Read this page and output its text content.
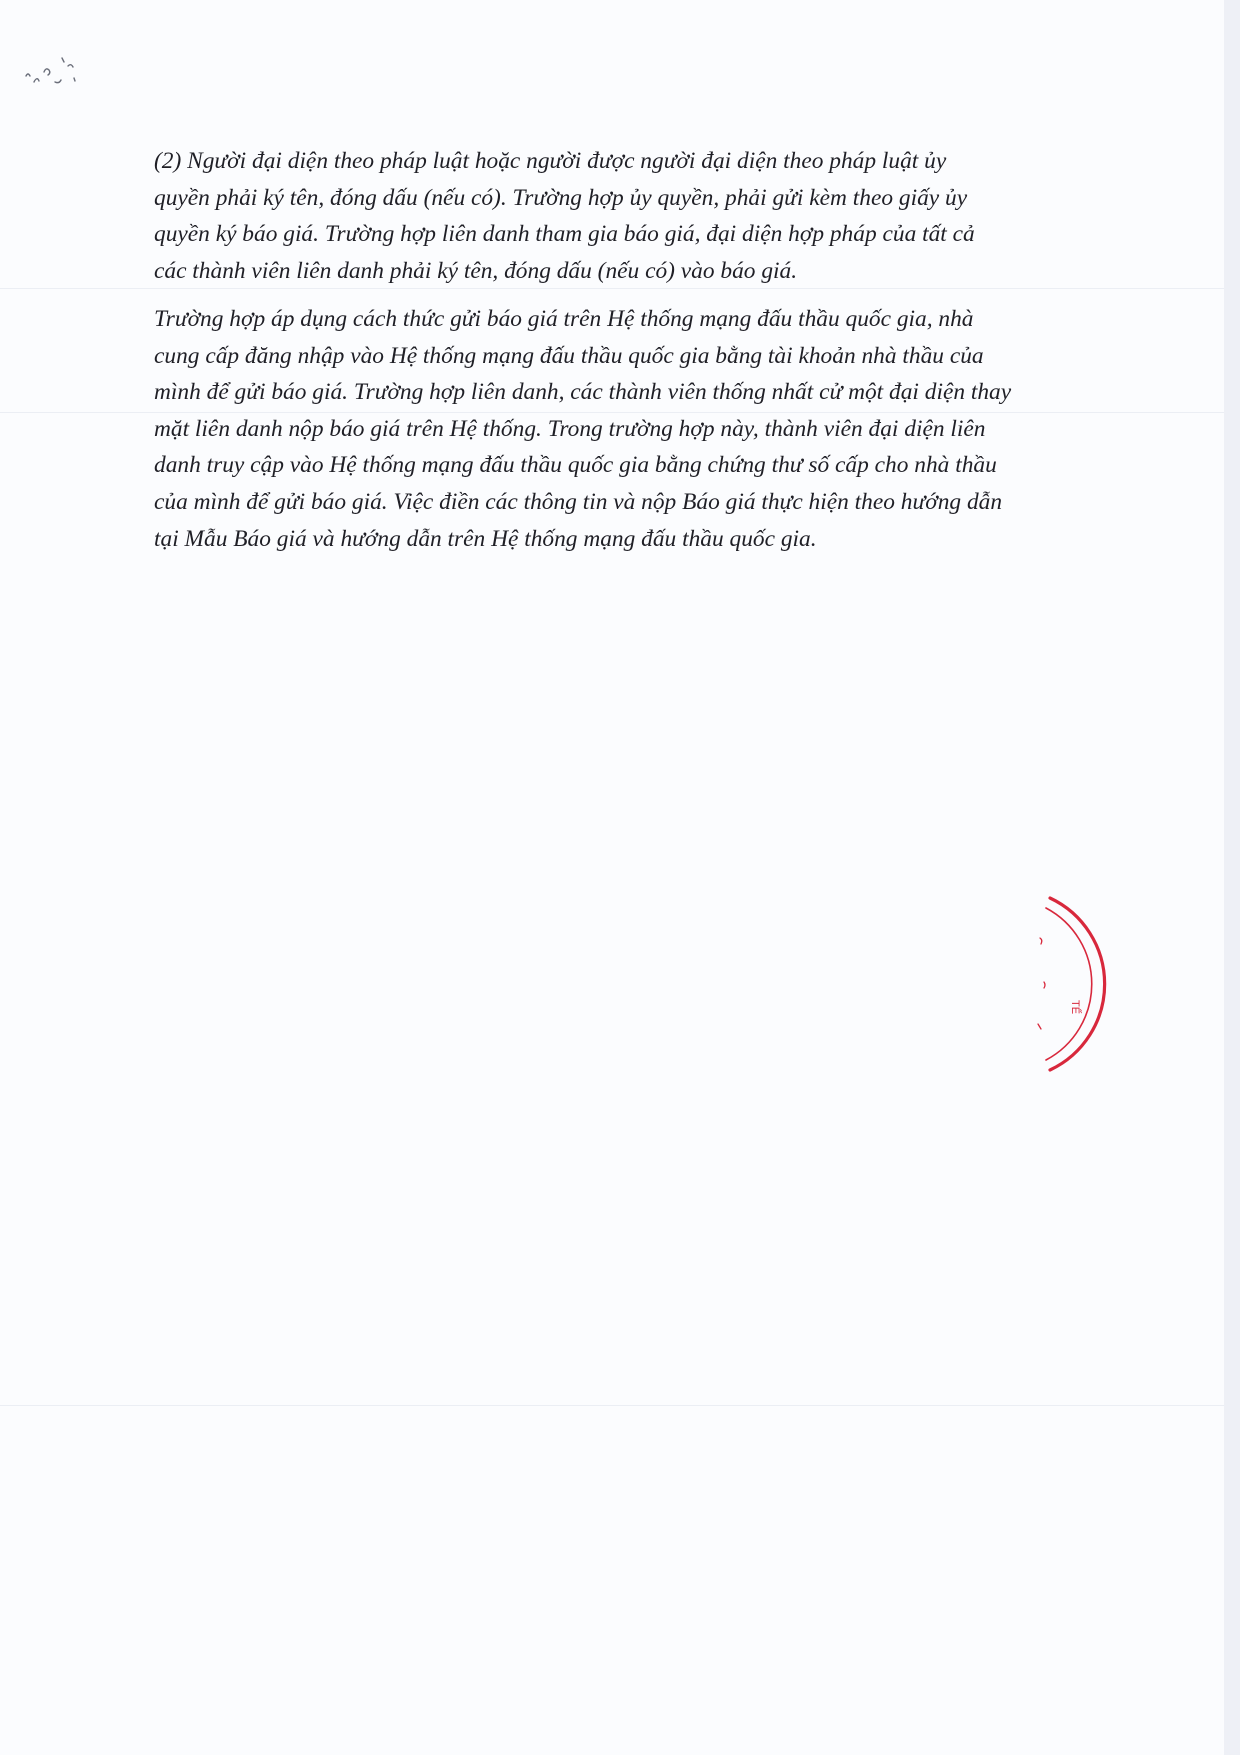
(2) Người đại diện theo pháp luật hoặc người được người đại diện theo pháp luật ủy
quyền phải ký tên, đóng dấu (nếu có). Trường hợp ủy quyền, phải gửi kèm theo giấy ủy
quyền ký báo giá. Trường hợp liên danh tham gia báo giá, đại diện hợp pháp của tất cả
các thành viên liên danh phải ký tên, đóng dấu (nếu có) vào báo giá.
Trường hợp áp dụng cách thức gửi báo giá trên Hệ thống mạng đấu thầu quốc gia, nhà
cung cấp đăng nhập vào Hệ thống mạng đấu thầu quốc gia bằng tài khoản nhà thầu của
mình để gửi báo giá. Trường hợp liên danh, các thành viên thống nhất cử một đại diện thay
mặt liên danh nộp báo giá trên Hệ thống. Trong trường hợp này, thành viên đại diện liên
danh truy cập vào Hệ thống mạng đấu thầu quốc gia bằng chứng thư số cấp cho nhà thầu
của mình để gửi báo giá. Việc điền các thông tin và nộp Báo giá thực hiện theo hướng dẫn
tại Mẫu Báo giá và hướng dẫn trên Hệ thống mạng đấu thầu quốc gia.
TẾ
